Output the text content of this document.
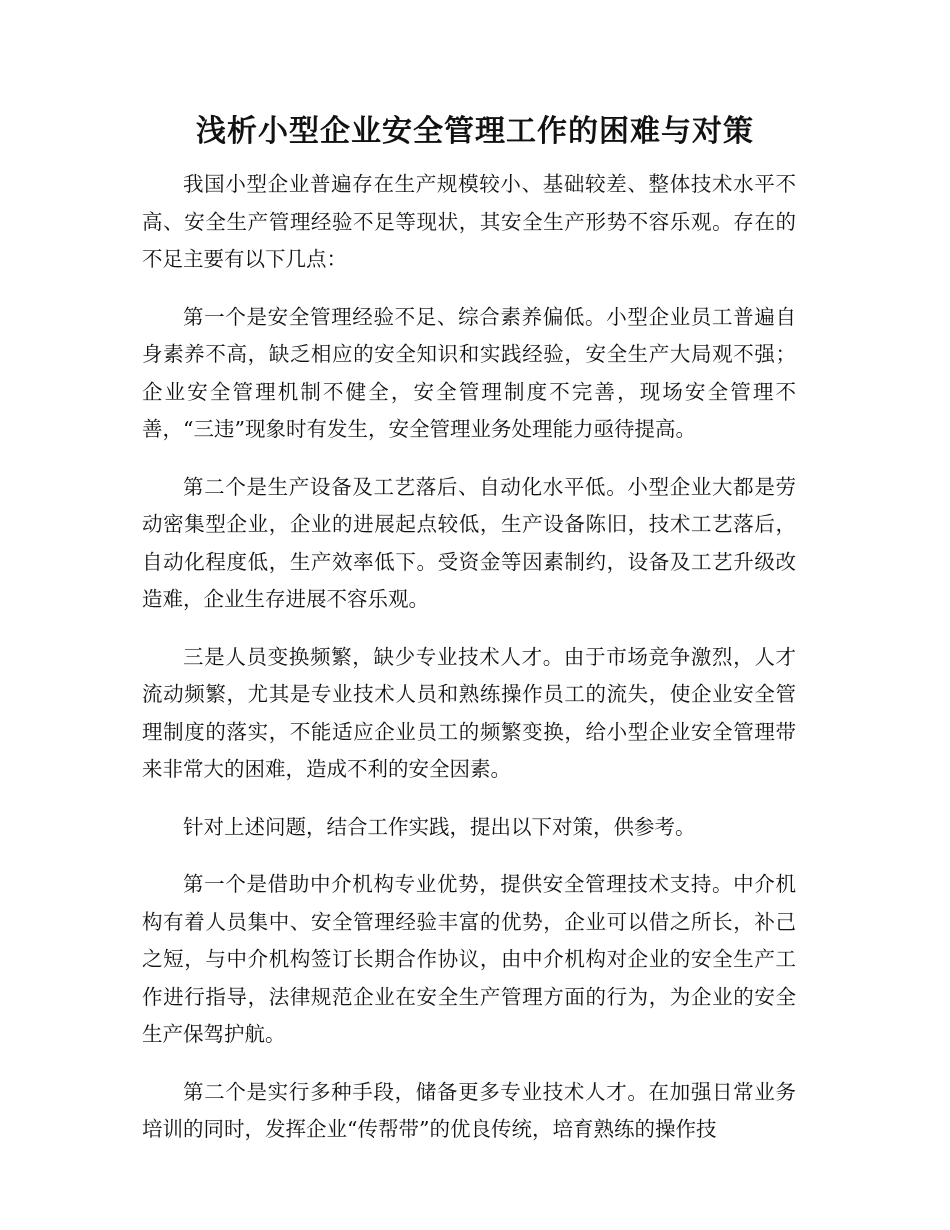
浅析小型企业安全管理工作的困难与对策

我国小型企业普遍存在生产规模较小、基础较差、整体技术水平不高、安全生产管理经验不足等现状，其安全生产形势不容乐观。存在的不足主要有以下几点：

第一个是安全管理经验不足、综合素养偏低。小型企业员工普遍自身素养不高，缺乏相应的安全知识和实践经验，安全生产大局观不强；企业安全管理机制不健全，安全管理制度不完善，现场安全管理不善，“三违”现象时有发生，安全管理业务处理能力亟待提高。

第二个是生产设备及工艺落后、自动化水平低。小型企业大都是劳动密集型企业，企业的进展起点较低，生产设备陈旧，技术工艺落后，自动化程度低，生产效率低下。受资金等因素制约，设备及工艺升级改造难，企业生存进展不容乐观。

三是人员变换频繁，缺少专业技术人才。由于市场竞争激烈，人才流动频繁，尤其是专业技术人员和熟练操作员工的流失，使企业安全管理制度的落实，不能适应企业员工的频繁变换，给小型企业安全管理带来非常大的困难，造成不利的安全因素。

针对上述问题，结合工作实践，提出以下对策，供参考。

第一个是借助中介机构专业优势，提供安全管理技术支持。中介机构有着人员集中、安全管理经验丰富的优势，企业可以借之所长，补己之短，与中介机构签订长期合作协议，由中介机构对企业的安全生产工作进行指导，法律规范企业在安全生产管理方面的行为，为企业的安全生产保驾护航。

第二个是实行多种手段，储备更多专业技术人才。在加强日常业务培训的同时，发挥企业“传帮带”的优良传统，培育熟练的操作技
